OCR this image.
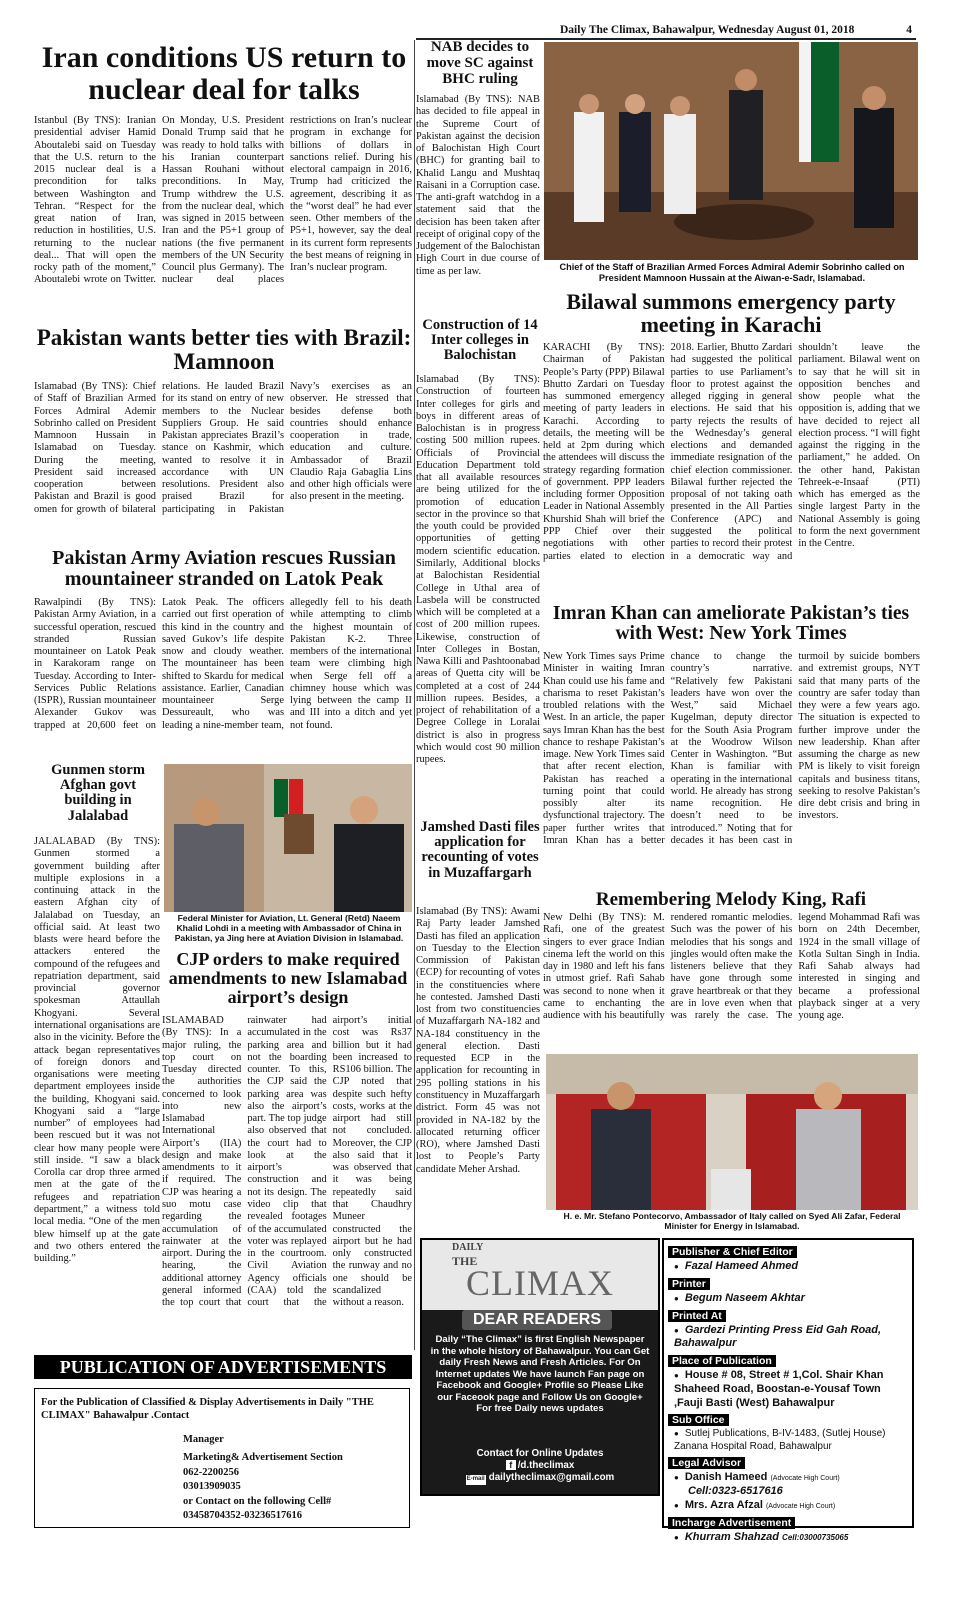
Daily The Climax, Bahawalpur, Wednesday August 01, 2018	4
Iran conditions US return to nuclear deal for talks
Istanbul (By TNS): Iranian presidential adviser Hamid Aboutalebi said on Tuesday that the U.S. return to the 2015 nuclear deal is a precondition for talks between Washington and Tehran. “Respect for the great nation of Iran, reduction in hostilities, U.S. returning to the nuclear deal... That will open the rocky path of the moment,” Aboutalebi wrote on Twitter. On Monday, U.S. President Donald Trump said that he was ready to hold talks with his Iranian counterpart Hassan Rouhani without preconditions. In May, Trump withdrew the U.S. from the nuclear deal, which was signed in 2015 between Iran and the P5+1 group of nations (the five permanent members of the UN Security Council plus Germany). The nuclear deal places restrictions on Iran’s nuclear program in exchange for billions of dollars in sanctions relief. During his electoral campaign in 2016, Trump had criticized the agreement, describing it as the “worst deal” he had ever seen. Other members of the P5+1, however, say the deal in its current form represents the best means of reigning in Iran’s nuclear program.
NAB decides to move SC against BHC ruling
Islamabad (By TNS): NAB has decided to file appeal in the Supreme Court of Pakistan against the decision of Balochistan High Court (BHC) for granting bail to Khalid Langu and Mushtaq Raisani in a Corruption case. The anti-graft watchdog in a statement said that the decision has been taken after receipt of original copy of the Judgement of the Balochistan High Court in due course of time as per law.	Chief of the Staff of Brazilian Armed Forces Admiral Ademir Sobrinho called on President Mamnoon Hussain at the Aiwan-e-Sadr, Islamabad.
Pakistan wants better ties with Brazil: Mamnoon
Islamabad (By TNS): Chief of Staff of Brazilian Armed Forces Admiral Ademir Sobrinho called on President Mamnoon Hussain in Islamabad on Tuesday. During the meeting, President said increased cooperation between Pakistan and Brazil is good omen for growth of bilateral relations. He lauded Brazil for its stand on entry of new members to the Nuclear Suppliers Group. He said Pakistan appreciates Brazil’s stance on Kashmir, which wanted to resolve it in accordance with UN resolutions. President also praised Brazil for participating in Pakistan Navy’s exercises as an observer. He stressed that besides defense both countries should enhance cooperation in trade, education and culture. Ambassador of Brazil Claudio Raja Gabaglia Lins and other high officials were also present in the meeting.
Construction of 14 Inter colleges in Balochistan
Islamabad (By TNS): Construction of fourteen Inter colleges for girls and boys in different areas of Balochistan is in progress costing 500 million rupees. Officials of Provincial Education Department told that all available resources are being utilized for the promotion of education sector in the province so that the youth could be provided opportunities of getting modern scientific education. Similarly, Additional blocks at Balochistan Residential College in Uthal area of Lasbela will be constructed which will be completed at a cost of 200 million rupees. Likewise, construction of Inter Colleges in Bostan, Nawa Killi and Pashtoonabad areas of Quetta city will be completed at a cost of 244 million rupees. Besides, a project of rehabilitation of a Degree College in Loralai district is also in progress which would cost 90 million rupees.
Bilawal summons emergency party meeting in Karachi
KARACHI (By TNS): Chairman of Pakistan People’s Party (PPP) Bilawal Bhutto Zardari on Tuesday has summoned emergency meeting of party leaders in Karachi. According to details, the meeting will be held at 2pm during which the attendees will discuss the strategy regarding formation of government. PPP leaders including former Opposition Leader in National Assembly Khurshid Shah will brief the PPP Chief over their negotiations with other parties elated to election 2018. Earlier, Bhutto Zardari had suggested the political parties to use Parliament’s floor to protest against the alleged rigging in general elections. He said that his party rejects the results of the Wednesday’s general elections and demanded immediate resignation of the chief election commissioner. Bilawal further rejected the proposal of not taking oath presented in the All Parties Conference (APC) and suggested the political parties to record their protest in a democratic way and shouldn’t leave the parliament. Bilawal went on to say that he will sit in opposition benches and show people what the opposition is, adding that we have decided to reject all election process. “I will fight against the rigging in the parliament,” he added. On the other hand, Pakistan Tehreek-e-Insaaf (PTI) which has emerged as the single largest Party in the National Assembly is going to form the next government in the Centre.
Pakistan Army Aviation rescues Russian mountaineer stranded on Latok Peak
Rawalpindi (By TNS): Pakistan Army Aviation, in a successful operation, rescued stranded Russian mountaineer on Latok Peak in Karakoram range on Tuesday. According to Inter-Services Public Relations (ISPR), Russian mountaineer Alexander Gukov was trapped at 20,600 feet on Latok Peak. The officers carried out first operation of this kind in the country and saved Gukov’s life despite snow and cloudy weather. The mountaineer has been shifted to Skardu for medical assistance. Earlier, Canadian mountaineer Serge Dessureault, who was leading a nine-member team, allegedly fell to his death while attempting to climb the highest mountain of Pakistan K-2. Three members of the international team were climbing high when Serge fell off a chimney house which was lying between the camp II and III into a ditch and yet not found.
Imran Khan can ameliorate Pakistan’s ties with West: New York Times
New York Times says Prime Minister in waiting Imran Khan could use his fame and charisma to reset Pakistan’s troubled relations with the West. In an article, the paper says Imran Khan has the best chance to reshape Pakistan’s image. New York Times said that after recent election, Pakistan has reached a turning point that could possibly alter its dysfunctional trajectory. The paper further writes that Imran Khan has a better chance to change the country’s narrative. “Relatively few Pakistani leaders have won over the West,” said Michael Kugelman, deputy director for the South Asia Program at the Woodrow Wilson Center in Washington. “But Khan is familiar with operating in the international world. He already has strong name recognition. He doesn’t need to be introduced.” Noting that for decades it has been cast in turmoil by suicide bombers and extremist groups, NYT said that many parts of the country are safer today than they were a few years ago. The situation is expected to further improve under the new leadership. Khan after assuming the charge as new PM is likely to visit foreign capitals and business titans, seeking to resolve Pakistan’s dire debt crisis and bring in investors.
Gunmen storm Afghan govt building in Jalalabad
JALALABAD (By TNS): Gunmen stormed a government building after multiple explosions in a continuing attack in the eastern Afghan city of Jalalabad on Tuesday, an official said. At least two blasts were heard before the attackers entered the compound of the refugees and repatriation department, said provincial governor spokesman Attaullah Khogyani. Several international organisations are also in the vicinity. Before the attack began representatives of foreign donors and organisations were meeting department employees inside the building, Khogyani said. Khogyani said a “large number” of employees had been rescued but it was not clear how many people were still inside. “I saw a black Corolla car drop three armed men at the gate of the refugees and repatriation department,” a witness told local media. “One of the men blew himself up at the gate and two others entered the building.”
Federal Minister for Aviation, Lt. General (Retd) Naeem Khalid Lohdi in a meeting with Ambassador of China in Pakistan, ya Jing here at Aviation Division in Islamabad.
Jamshed Dasti files application for recounting of votes in Muzaffargarh
Islamabad (By TNS): Awami Raj Party leader Jamshed Dasti has filed an application on Tuesday to the Election Commission of Pakistan (ECP) for recounting of votes in the constituencies where he contested. Jamshed Dasti lost from two constituencies of Muzaffargarh NA-182 and NA-184 constituency in the general election. Dasti requested ECP in the application for recounting in 295 polling stations in his constituency in Muzaffargarh district. Form 45 was not provided in NA-182 by the allocated returning officer (RO), where Jamshed Dasti lost to People’s Party candidate Meher Arshad.
CJP orders to make required amendments to new Islamabad airport’s design
ISLAMABAD (By TNS): In a major ruling, the top court on Tuesday directed the authorities concerned to look into new Islamabad International Airport’s (IIA) design and make amendments to it if required. The CJP was hearing a suo motu case regarding the accumulation of rainwater at the airport. During the hearing, the additional attorney general informed the top court that rainwater had accumulated in the parking area and not the boarding counter. To this, the CJP said the parking area was also the airport’s part. The top judge also observed that the court had to look at the airport’s construction and not its design. The video clip that revealed footages of the accumulated voter was replayed in the courtroom. Civil Aviation Agency officials (CAA) told the court that the airport’s initial cost was Rs37 billion but it had been increased to RS106 billion. The CJP noted that despite such hefty costs, works at the airport had still not concluded. Moreover, the CJP also said that it was observed that it was being repeatedly said that Chaudhry Muneer constructed the airport but he had only constructed the runway and no one should be scandalized without a reason.
Remembering Melody King, Rafi
New Delhi (By TNS): M. Rafi, one of the greatest singers to ever grace Indian cinema left the world on this day in 1980 and left his fans in utmost grief. Rafi Sahab was second to none when it came to enchanting the audience with his beautifully rendered romantic melodies. Such was the power of his melodies that his songs and jingles would often make the listeners believe that they have gone through some grave heartbreak or that they are in love even when that was rarely the case. The legend Mohammad Rafi was born on 24th December, 1924 in the small village of Kotla Sultan Singh in India. Rafi Sahab always had interested in singing and became a professional playback singer at a very young age.
H. e. Mr. Stefano Pontecorvo, Ambassador of Italy called on Syed Ali Zafar, Federal Minister for Energy in Islamabad.
PUBLICATION OF ADVERTISEMENTS
For the Publication of Classified & Display Advertisements in Daily "THE CLIMAX" Bahawalpur .Contact
Manager
Marketing& Advertisement Section
062-2200256
03013909035
or Contact on the following Cell#
03458704352-03236517616
DAILY
THE
CLIMAX
DEAR READERS
Daily “The Climax” is first English Newspaper in the whole history of Bahawalpur. You can Get daily Fresh News and Fresh Articles. For On Internet updates We have launch Fan page on Facebook and Google+ Profile so Please Like our Faceook page and Follow Us on Google+ For free Daily news updates
Contact for Online Updates
f /d.theclimax
E-mail dailytheclimax@gmail.com
Publisher & Chief Editor
● Fazal Hameed Ahmed
Printer
● Begum Naseem Akhtar
Printed At
● Gardezi Printing Press Eid Gah Road, Bahawalpur
Place of Publication
● House # 08, Street # 1,Col. Shair Khan Shaheed Road, Boostan-e-Yousaf Town ,Fauji Basti (West) Bahawalpur
Sub Office
● Sutlej Publications, B-IV-1483, (Sutlej House) Zanana Hospital Road, Bahawalpur
Legal Advisor
● Danish Hameed (Advocate High Court)
Cell:0323-6517616
● Mrs. Azra Afzal (Advocate High Court)
Incharge Advertisement
● Khurram Shahzad Cell:03000735065
